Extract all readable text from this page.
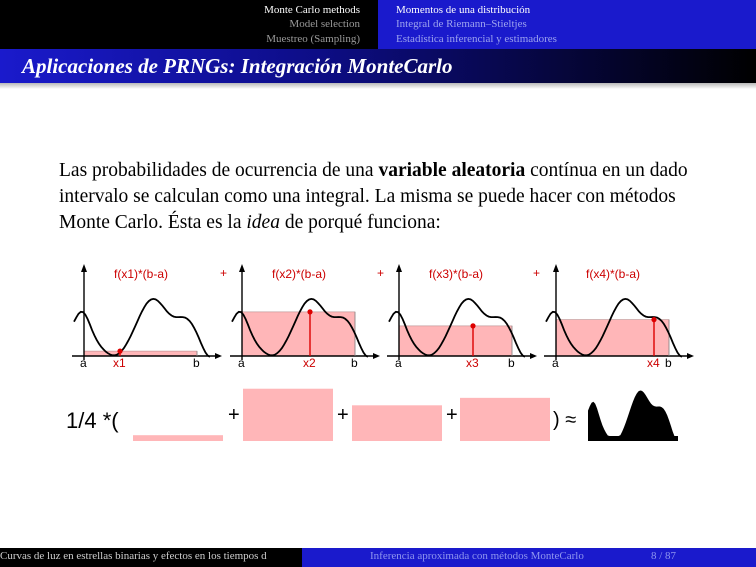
Monte Carlo methods
Model selection
Muestreo (Sampling)
Momentos de una distribución
Integral de Riemann–Stieltjes
Estadística inferencial y estimadores
Aplicaciones de PRNGs: Integración MonteCarlo
Las probabilidades de ocurrencia de una variable aleatoria contínua en un dado intervalo se calculan como una integral. La misma se puede hacer con métodos Monte Carlo. Ésta es la idea de porqué funciona:
f(x1)*(b-a)
a	b
x1
f(x2)*(b-a)
a	b
x2
f(x3)*(b-a)
a	b
x3
f(x4)*(b-a)
a	b
x4
+	+	+
1/4 *(	+	+	+	) ≈
Curvas de luz en estrellas binarias y efectos en los tiempos d	Inferencia aproximada con métodos MonteCarlo	8 / 87
